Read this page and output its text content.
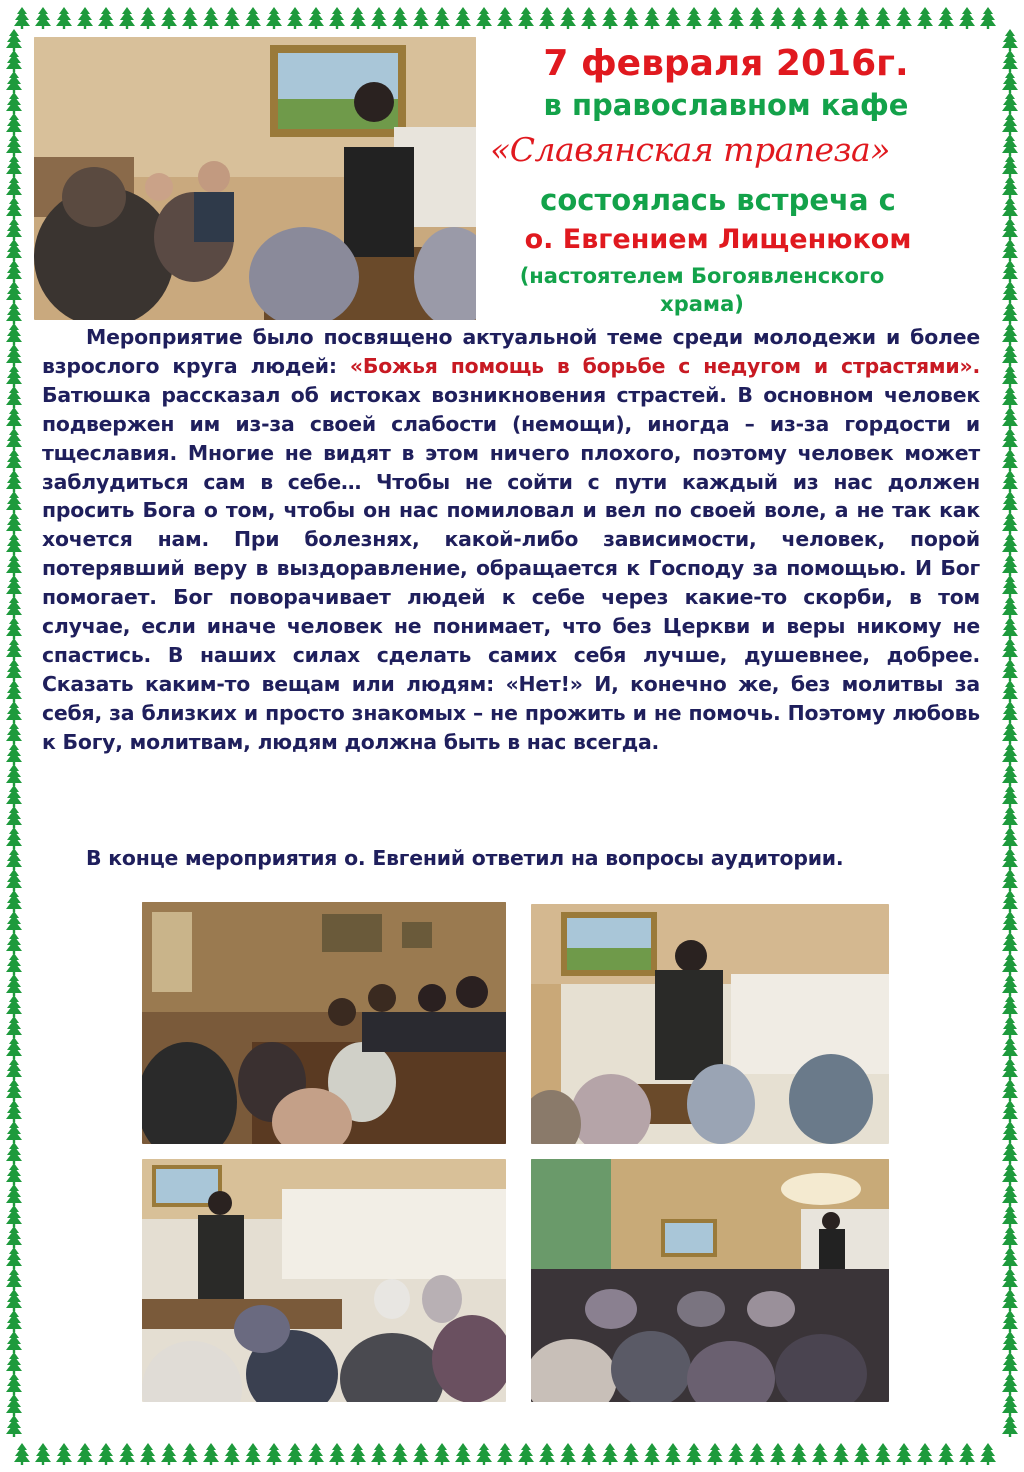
7 февраля 2016г.

в православном кафе

«Славянская трапеза»

состоялась встреча с

о. Евгением Лищенюком

(настоятелем Богоявленского
храма)

Мероприятие было посвящено актуальной теме среди молодежи и более взрослого круга людей: «Божья помощь в борьбе с недугом и страстями». Батюшка рассказал об истоках возникновения страстей. В основном человек подвержен им из-за своей слабости (немощи), иногда – из-за гордости и тщеславия. Многие не видят в этом ничего плохого, поэтому человек может заблудиться сам в себе… Чтобы не сойти с пути каждый из нас должен просить Бога о том, чтобы он нас помиловал и вел по своей воле, а не так как хочется нам. При болезнях, какой-либо зависимости, человек, порой потерявший веру в выздоравление, обращается к Господу за помощью. И Бог помогает. Бог поворачивает людей к себе через какие-то скорби, в том случае, если иначе человек не понимает, что без Церкви и веры никому не спастись. В наших силах сделать самих себя лучше, душевнее, добрее. Сказать каким-то вещам или людям: «Нет!» И, конечно же, без молитвы за себя, за близких и просто знакомых – не прожить и не помочь. Поэтому любовь к Богу, молитвам, людям должна быть в нас всегда.

В конце мероприятия о. Евгений ответил на вопросы аудитории.
